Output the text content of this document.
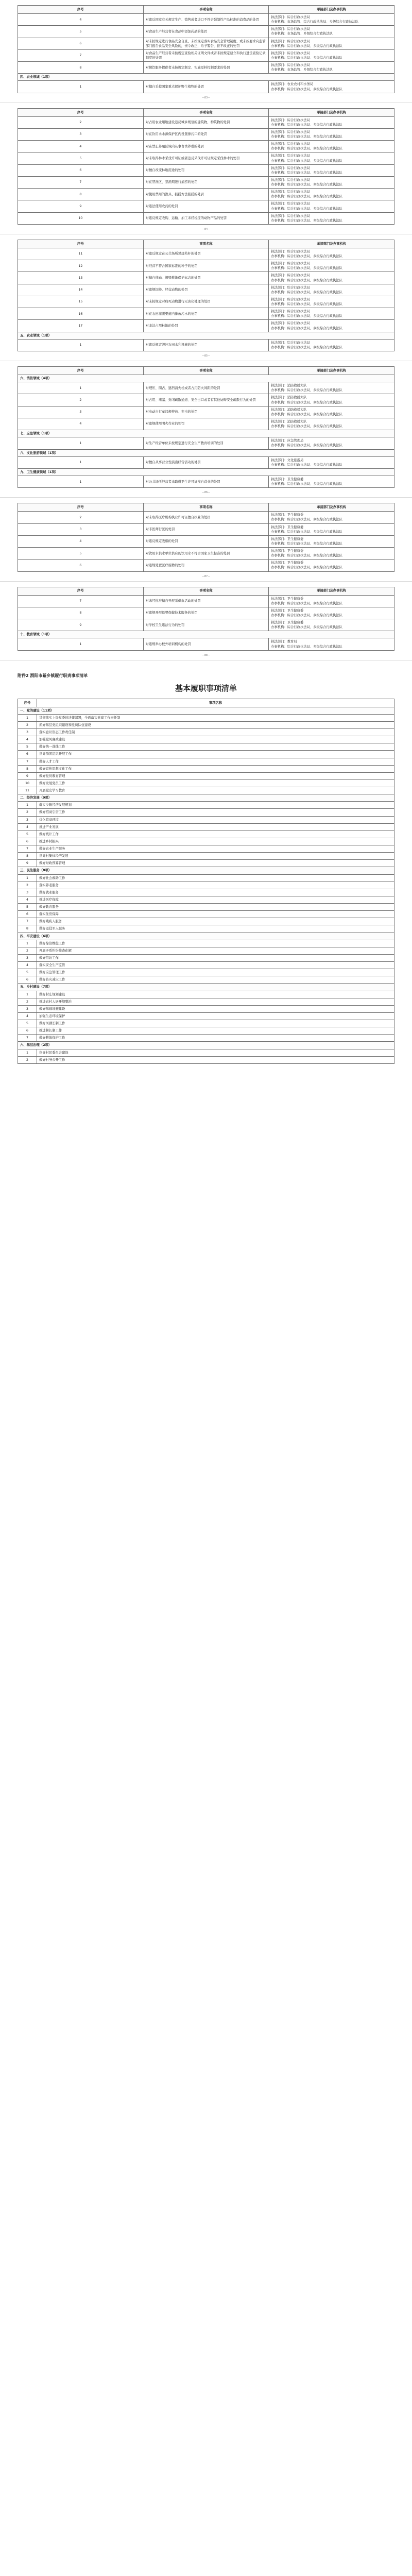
序号	事项名称	承接部门及办事机构
4	对违反国家有关规定生产、销售或者进口不符合强制性产品标准的消费品的处罚	执法部门：综合行政执法局
办事机构：市场监管、综合行政执法局、乡级综合行政执法队
5	对食品生产经营者在食品中添加药品的处罚	执法部门：综合行政执法局
办事机构：市场监管、乡级综合行政执法队
6	对未按规定进行食品安全自查、未按规定落实食品安全管理制度，或未按要求向监管部门报告食品安全风险的，责令改正，给予警告，拒不改正的处罚	执法部门：综合行政执法局
办事机构：综合行政执法局、乡级综合行政执法队
7	对食品生产经营者未按规定查验相关证明文件或者未按规定建立和执行进货查验记录制度的处罚	执法部门：综合行政执法局
办事机构：综合行政执法局、乡级综合行政执法队
8	对餐饮服务提供者未按规定制定、实施原料控制要求的处罚	执法部门：综合行政执法局
办事机构：市场监管、乡级综合行政执法队
四、农业领域（1项）		
1	对擅自采挖国家重点保护野生植物的处罚	执法部门：农业农村和水务局
办事机构：综合行政执法局、乡级综合行政执法队
—83—
序号	事项名称	承接部门及办事机构
2	对占用农业用地建设违反城乡规划的建筑物、构筑物的处罚	执法部门：综合行政执法局
办事机构：综合行政执法局、乡级综合行政执法队
3	对在饮用水水源保护区内设置排污口的处罚	执法部门：综合行政执法局
办事机构：综合行政执法局、乡级综合行政执法队
4	对在禁止养殖区域内从事畜禽养殖的处罚	执法部门：综合行政执法局
办事机构：综合行政执法局、乡级综合行政执法队
5	对未取得林木采伐许可证或者违反采伐许可证规定采伐林木的处罚	执法部门：综合行政执法局
办事机构：综合行政执法局、乡级综合行政执法队
6	对擅自改变林地用途的处罚	执法部门：综合行政执法局
办事机构：综合行政执法局、乡级综合行政执法队
7	对在禁渔区、禁渔期进行捕捞的处罚	执法部门：综合行政执法局
办事机构：综合行政执法局、乡级综合行政执法队
8	对使用禁用的渔具、捕捞方法捕捞的处罚	执法部门：综合行政执法局
办事机构：综合行政执法局、乡级综合行政执法队
9	对违法使用农药的处罚	执法部门：综合行政执法局
办事机构：综合行政执法局、乡级综合行政执法队
10	对违反规定收购、运输、加工未经检疫的动物产品的处罚	执法部门：综合行政执法局
办事机构：综合行政执法局、乡级综合行政执法队
—84—
序号	事项名称	承接部门及办事机构
11	对违反规定在公共场所焚烧秸秆的处罚	执法部门：综合行政执法局
办事机构：综合行政执法局、乡级综合行政执法队
12	对经营不符合国家标准的种子的处罚	执法部门：综合行政执法局
办事机构：综合行政执法局、乡级综合行政执法队
13	对擅自移动、损毁耕地保护标志的处罚	执法部门：综合行政执法局
办事机构：综合行政执法局、乡级综合行政执法队
14	对违规饲养、经营动物的处罚	执法部门：综合行政执法局
办事机构：综合行政执法局、乡级综合行政执法队
15	对未按规定对病死动物进行无害化处理的处罚	执法部门：综合行政执法局
办事机构：综合行政执法局、乡级综合行政执法队
16	对在农田灌溉渠道内排放污水的处罚	执法部门：综合行政执法局
办事机构：综合行政执法局、乡级综合行政执法队
17	对非法占用林地的处罚	执法部门：综合行政执法局
办事机构：综合行政执法局、乡级综合行政执法队
五、农业领域（1项）		
1	对违反规定毁坏农田水利设施的处罚	执法部门：综合行政执法局
办事机构：综合行政执法局、乡级综合行政执法队
—85—
序号	事项名称	承接部门及办事机构
六、消防领域（4项）		
1	对埋压、圈占、遮挡消火栓或者占用防火间距的处罚	执法部门：消防救援大队
办事机构：综合行政执法局、乡级综合行政执法队
2	对占用、堵塞、封闭疏散通道、安全出口或者有其他妨碍安全疏散行为的处罚	执法部门：消防救援大队
办事机构：综合行政执法局、乡级综合行政执法队
3	对电动自行车违规停放、充电的处罚	执法部门：消防救援大队
办事机构：综合行政执法局、乡级综合行政执法队
4	对违规使用明火作业的处罚	执法部门：消防救援大队
办事机构：综合行政执法局、乡级综合行政执法队
七、应急领域（1项）		
1	对生产经营单位未按规定进行安全生产教育培训的处罚	执法部门：应急管理局
办事机构：综合行政执法局、乡级综合行政执法队
八、文化旅游领域（1项）		
1	对擅自从事营业性演出经营活动的处罚	执法部门：文化旅游局
办事机构：综合行政执法局、乡级综合行政执法队
九、卫生健康领域（1项）		
1	对公共场所经营者未取得卫生许可证擅自营业的处罚	执法部门：卫生健康委
办事机构：综合行政执法局、乡级综合行政执法队
—86—
序号	事项名称	承接部门及办事机构
2	对未取得医疗机构执业许可证擅自执业的处罚	执法部门：卫生健康委
办事机构：综合行政执法局、乡级综合行政执法队
3	对非医师行医的处罚	执法部门：卫生健康委
办事机构：综合行政执法局、乡级综合行政执法队
4	对违反规定吸烟的处罚	执法部门：卫生健康委
办事机构：综合行政执法局、乡级综合行政执法队
5	对饮用水供水单位供应的饮用水不符合国家卫生标准的处罚	执法部门：卫生健康委
办事机构：综合行政执法局、乡级综合行政执法队
6	对违规处置医疗废物的处罚	执法部门：卫生健康委
办事机构：综合行政执法局、乡级综合行政执法队
—87—
序号	事项名称	承接部门及办事机构
7	对未经批准擅自开展采供血活动的处罚	执法部门：卫生健康委
办事机构：综合行政执法局、乡级综合行政执法队
8	对违规开展母婴保健技术服务的处罚	执法部门：卫生健康委
办事机构：综合行政执法局、乡级综合行政执法队
9	对学校卫生违法行为的处罚	执法部门：卫生健康委
办事机构：综合行政执法局、乡级综合行政执法队
十、教育领域（1项）		
1	对违规举办校外培训机构的处罚	执法部门：教育局
办事机构：综合行政执法局、乡级综合行政执法队
—88—
附件2 渭阳市綦乡镇履行职责事项清单
基本履职事项清单
序号	事项名称
一、党的建设（11项）	
1	贯彻落实上级党委的决策部署，全面落实党建工作责任制
2	抓好基层党组织建设和党员队伍建设
3	落实意识形态工作责任制
4	加强党风廉政建设
5	做好统一战线工作
6	指导群团组织开展工作
7	做好人才工作
8	做好宣传思想文化工作
9	做好党员教育管理
10	做好发展党员工作
11	开展党史学习教育
二、经济发展（9项）	
1	落实乡镇经济发展规划
2	做好招商引资工作
3	优化营商环境
4	推进产业发展
5	做好统计工作
6	推进乡村振兴
7	做好农业生产服务
8	指导村集体经济发展
9	做好财政预算管理
三、民生服务（8项）	
1	做好社会救助工作
2	落实养老服务
3	做好就业服务
4	推进医疗保障
5	做好教育服务
6	落实住房保障
7	做好残疾人服务
8	做好退役军人服务
四、平安建设（6项）	
1	做好综治维稳工作
2	开展矛盾纠纷排查化解
3	做好信访工作
4	落实安全生产监管
5	做好应急管理工作
6	做好防灾减灾工作
五、乡村建设（7项）	
1	做好村庄规划建设
2	推进农村人居环境整治
3	做好基础设施建设
4	加强生态环境保护
5	做好河湖长制工作
6	推进林长制工作
7	做好耕地保护工作
六、基层治理（2项）	
1	指导村民委员会建设
2	做好村务公开工作
